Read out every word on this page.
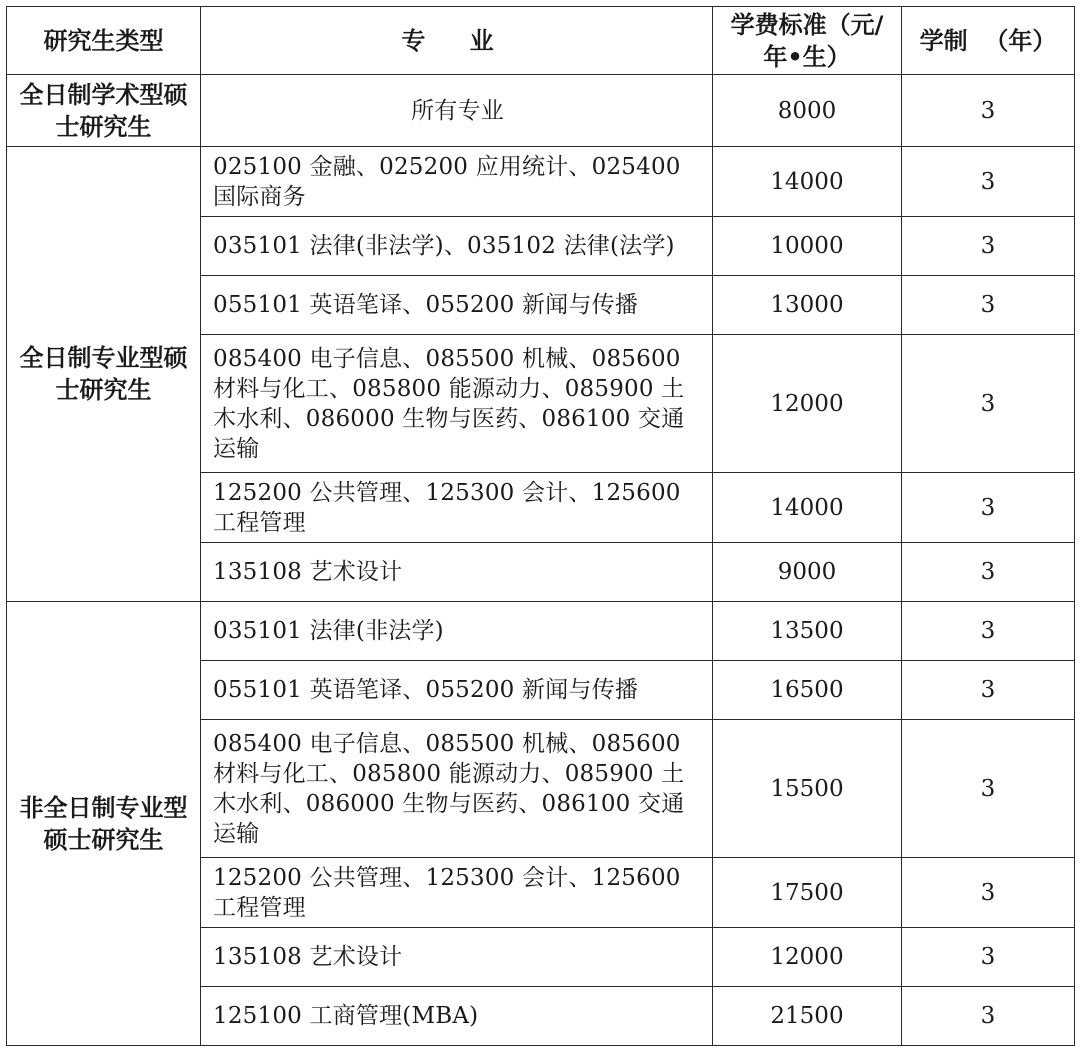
研究生类型	专 业	学费标准（元/年•生）	学制  （年）
全日制学术型硕士研究生	所有专业	8000	3
全日制专业型硕士研究生	025100 金融、025200 应用统计、025400 国际商务	14000	3
	035101 法律(非法学)、035102 法律(法学)	10000	3
	055101 英语笔译、055200 新闻与传播	13000	3
	085400 电子信息、085500 机械、085600 材料与化工、085800 能源动力、085900 土木水利、086000 生物与医药、086100 交通运输	12000	3
	125200 公共管理、125300 会计、125600 工程管理	14000	3
	135108 艺术设计	9000	3
非全日制专业型硕士研究生	035101 法律(非法学)	13500	3
	055101 英语笔译、055200 新闻与传播	16500	3
	085400 电子信息、085500 机械、085600 材料与化工、085800 能源动力、085900 土木水利、086000 生物与医药、086100 交通运输	15500	3
	125200 公共管理、125300 会计、125600 工程管理	17500	3
	135108 艺术设计	12000	3
	125100 工商管理(MBA)	21500	3
